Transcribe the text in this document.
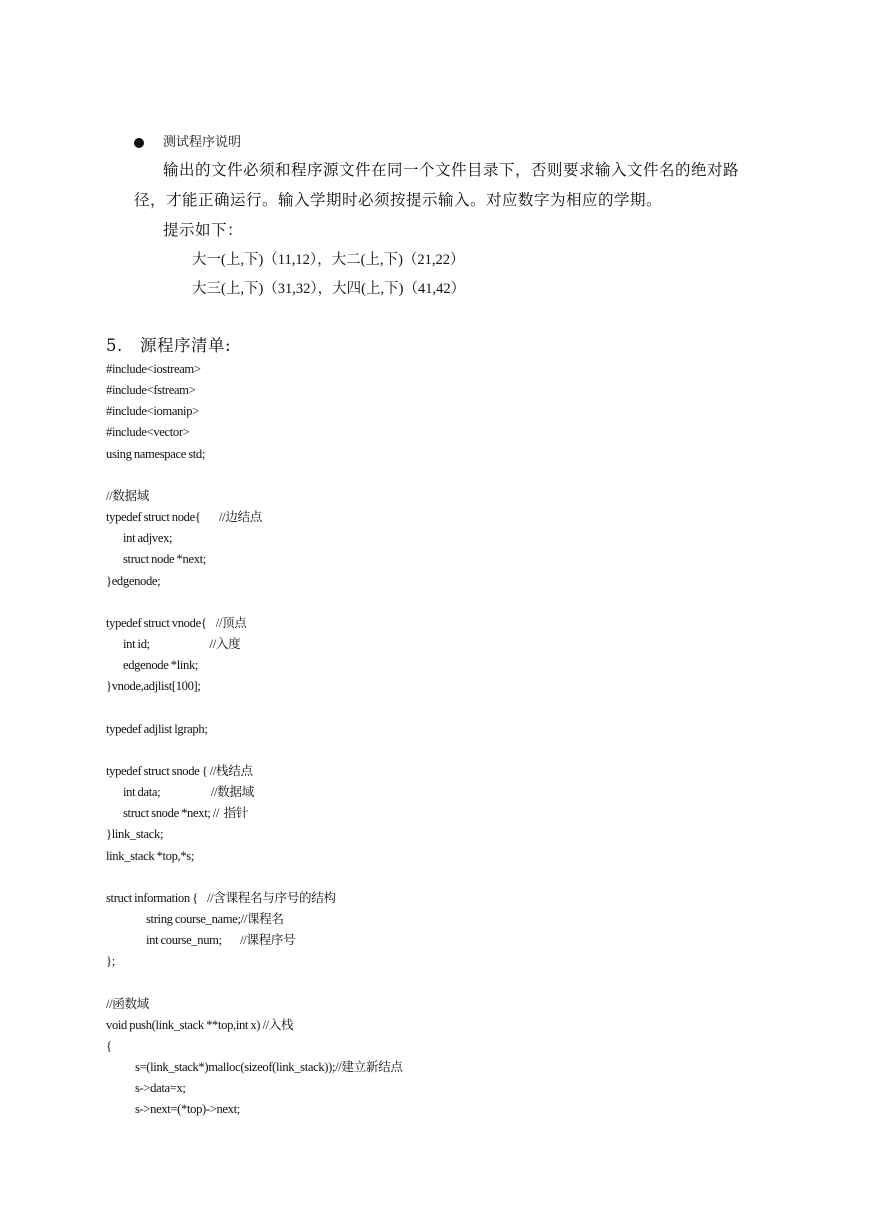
测试程序说明
输出的文件必须和程序源文件在同一个文件目录下，否则要求输入文件名的绝对路
径，才能正确运行。输入学期时必须按提示输入。对应数字为相应的学期。
提示如下：
大一(上,下)（11,12），大二(上,下)（21,22）
大三(上,下)（31,32），大四(上,下)（41,42）
5.   源程序清单:
#include<iostream>
#include<fstream>
#include<iomanip>
#include<vector>
using namespace std;
//数据域
typedef struct node{        //边结点
int adjvex;
struct node *next;
}edgenode;
typedef struct vnode{    //顶点
int id;                          //入度
edgenode *link;
}vnode,adjlist[100];
typedef adjlist lgraph;
typedef struct snode { //栈结点
int data;                      //数据域
struct snode *next; //  指针
}link_stack;
link_stack *top,*s;
struct information {    //含课程名与序号的结构
string course_name;//课程名
int course_num;        //课程序号
};
//函数域
void push(link_stack **top,int x) //入栈
{
s=(link_stack*)malloc(sizeof(link_stack));//建立新结点
s->data=x;
s->next=(*top)->next;
